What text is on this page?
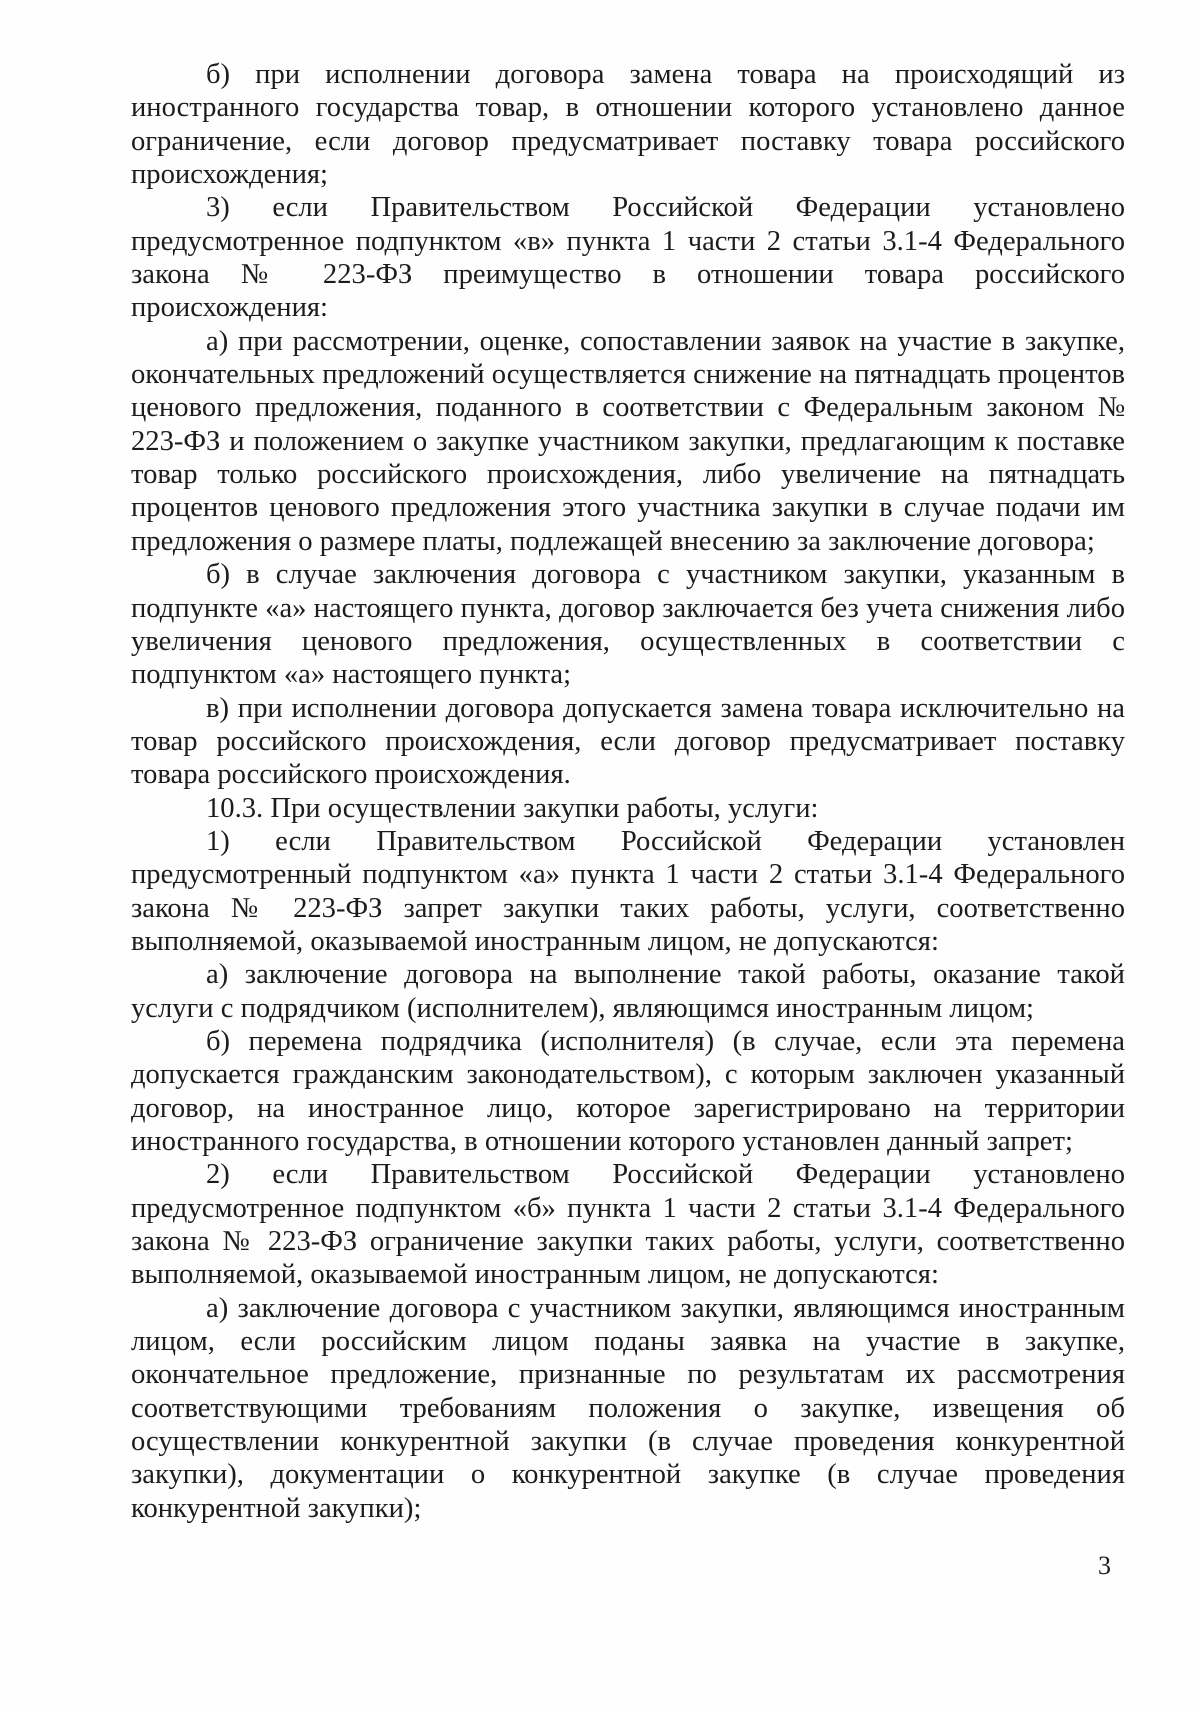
б) при исполнении договора замена товара на происходящий из иностранного государства товар, в отношении которого установлено данное ограничение, если договор предусматривает поставку товара российского происхождения;

3) если Правительством Российской Федерации установлено предусмотренное подпунктом «в» пункта 1 части 2 статьи 3.1-4 Федерального закона № 223-ФЗ преимущество в отношении товара российского происхождения:

а) при рассмотрении, оценке, сопоставлении заявок на участие в закупке, окончательных предложений осуществляется снижение на пятнадцать процентов ценового предложения, поданного в соответствии с Федеральным законом № 223-ФЗ и положением о закупке участником закупки, предлагающим к поставке товар только российского происхождения, либо увеличение на пятнадцать процентов ценового предложения этого участника закупки в случае подачи им предложения о размере платы, подлежащей внесению за заключение договора;

б) в случае заключения договора с участником закупки, указанным в подпункте «а» настоящего пункта, договор заключается без учета снижения либо увеличения ценового предложения, осуществленных в соответствии с подпунктом «а» настоящего пункта;

в) при исполнении договора допускается замена товара исключительно на товар российского происхождения, если договор предусматривает поставку товара российского происхождения.

10.3. При осуществлении закупки работы, услуги:

1) если Правительством Российской Федерации установлен предусмотренный подпунктом «а» пункта 1 части 2 статьи 3.1-4 Федерального закона № 223-ФЗ запрет закупки таких работы, услуги, соответственно выполняемой, оказываемой иностранным лицом, не допускаются:

а) заключение договора на выполнение такой работы, оказание такой услуги с подрядчиком (исполнителем), являющимся иностранным лицом;

б) перемена подрядчика (исполнителя) (в случае, если эта перемена допускается гражданским законодательством), с которым заключен указанный договор, на иностранное лицо, которое зарегистрировано на территории иностранного государства, в отношении которого установлен данный запрет;

2) если Правительством Российской Федерации установлено предусмотренное подпунктом «б» пункта 1 части 2 статьи 3.1-4 Федерального закона № 223-ФЗ ограничение закупки таких работы, услуги, соответственно выполняемой, оказываемой иностранным лицом, не допускаются:

а) заключение договора с участником закупки, являющимся иностранным лицом, если российским лицом поданы заявка на участие в закупке, окончательное предложение, признанные по результатам их рассмотрения соответствующими требованиям положения о закупке, извещения об осуществлении конкурентной закупки (в случае проведения конкурентной закупки), документации о конкурентной закупке (в случае проведения конкурентной закупки);

3
